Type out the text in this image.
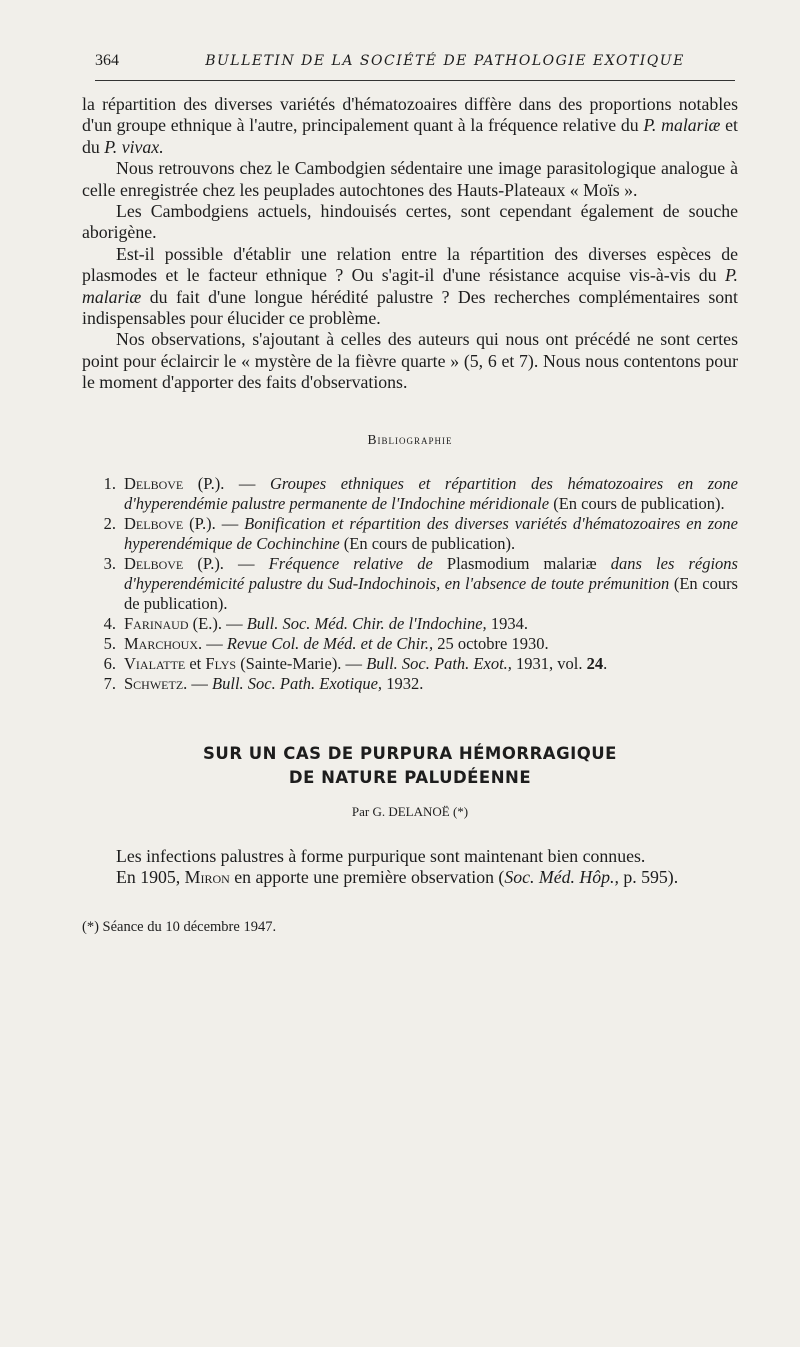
364	BULLETIN DE LA SOCIÉTÉ DE PATHOLOGIE EXOTIQUE

la répartition des diverses variétés d'hématozoaires diffère dans des proportions notables d'un groupe ethnique à l'autre, principalement quant à la fréquence relative du P. malariæ et du P. vivax.

Nous retrouvons chez le Cambodgien sédentaire une image parasitologique analogue à celle enregistrée chez les peuplades autochtones des Hauts-Plateaux « Moïs ».

Les Cambodgiens actuels, hindouisés certes, sont cependant également de souche aborigène.

Est-il possible d'établir une relation entre la répartition des diverses espèces de plasmodes et le facteur ethnique ? Ou s'agit-il d'une résistance acquise vis-à-vis du P. malariæ du fait d'une longue hérédité palustre ? Des recherches complémentaires sont indispensables pour élucider ce problème.

Nos observations, s'ajoutant à celles des auteurs qui nous ont précédé ne sont certes point pour éclaircir le « mystère de la fièvre quarte » (5, 6 et 7). Nous nous contentons pour le moment d'apporter des faits d'observations.

Bibliographie
1. Delbove (P.). — Groupes ethniques et répartition des hématozoaires en zone d'hyperendémie palustre permanente de l'Indochine méridionale (En cours de publication).
2. Delbove (P.). — Bonification et répartition des diverses variétés d'hématozoaires en zone hyperendémique de Cochinchine (En cours de publication).
3. Delbove (P.). — Fréquence relative de Plasmodium malariæ dans les régions d'hyperendémicité palustre du Sud-Indochinois, en l'absence de toute prémunition (En cours de publication).
4. Farinaud (E.). — Bull. Soc. Méd. Chir. de l'Indochine, 1934.
5. Marchoux. — Revue Col. de Méd. et de Chir., 25 octobre 1930.
6. Vialatte et Flys (Sainte-Marie). — Bull. Soc. Path. Exot., 1931, vol. 24.
7. Schwetz. — Bull. Soc. Path. Exotique, 1932.
SUR UN CAS DE PURPURA HÉMORRAGIQUE
DE NATURE PALUDÉENNE
Par G. DELANOË (*)

Les infections palustres à forme purpurique sont maintenant bien connues.

En 1905, Miron en apporte une première observation (Soc. Méd. Hôp., p. 595).

(*) Séance du 10 décembre 1947.
